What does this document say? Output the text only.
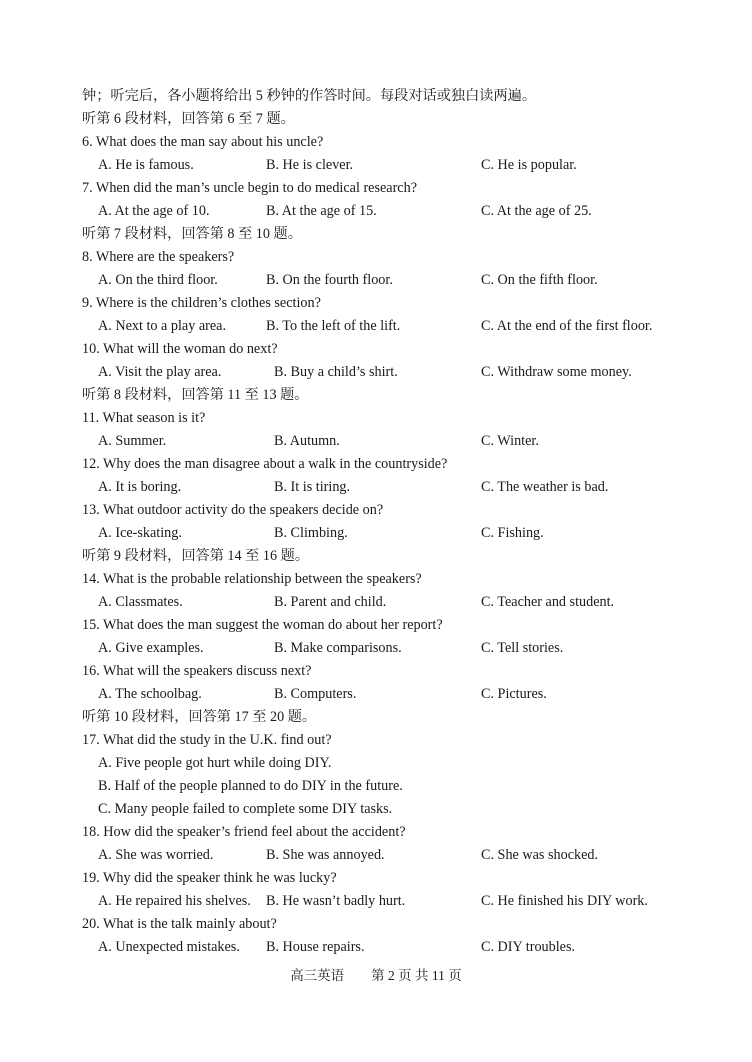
钟；听完后，各小题将给出 5 秒钟的作答时间。每段对话或独白读两遍。
听第 6 段材料，回答第 6 至 7 题。
6. What does the man say about his uncle?
A. He is famous.	B. He is clever.	C. He is popular.
7. When did the man’s uncle begin to do medical research?
A. At the age of 10.	B. At the age of 15.	C. At the age of 25.
听第 7 段材料，回答第 8 至 10 题。
8. Where are the speakers?
A. On the third floor.	B. On the fourth floor.	C. On the fifth floor.
9. Where is the children’s clothes section?
A. Next to a play area.	B. To the left of the lift.	C. At the end of the first floor.
10. What will the woman do next?
A. Visit the play area.	B. Buy a child’s shirt.	C. Withdraw some money.
听第 8 段材料，回答第 11 至 13 题。
11. What season is it?
A. Summer.	B. Autumn.	C. Winter.
12. Why does the man disagree about a walk in the countryside?
A. It is boring.	B. It is tiring.	C. The weather is bad.
13. What outdoor activity do the speakers decide on?
A. Ice-skating.	B. Climbing.	C. Fishing.
听第 9 段材料，回答第 14 至 16 题。
14. What is the probable relationship between the speakers?
A. Classmates.	B. Parent and child.	C. Teacher and student.
15. What does the man suggest the woman do about her report?
A. Give examples.	B. Make comparisons.	C. Tell stories.
16. What will the speakers discuss next?
A. The schoolbag.	B. Computers.	C. Pictures.
听第 10 段材料，回答第 17 至 20 题。
17. What did the study in the U.K. find out?
A. Five people got hurt while doing DIY.
B. Half of the people planned to do DIY in the future.
C. Many people failed to complete some DIY tasks.
18. How did the speaker’s friend feel about the accident?
A. She was worried.	B. She was annoyed.	C. She was shocked.
19. Why did the speaker think he was lucky?
A. He repaired his shelves. B. He wasn’t badly hurt.	C. He finished his DIY work.
20. What is the talk mainly about?
A. Unexpected mistakes. B. House repairs.	C. DIY troubles.
高三英语　　第 2 页 共 11 页
